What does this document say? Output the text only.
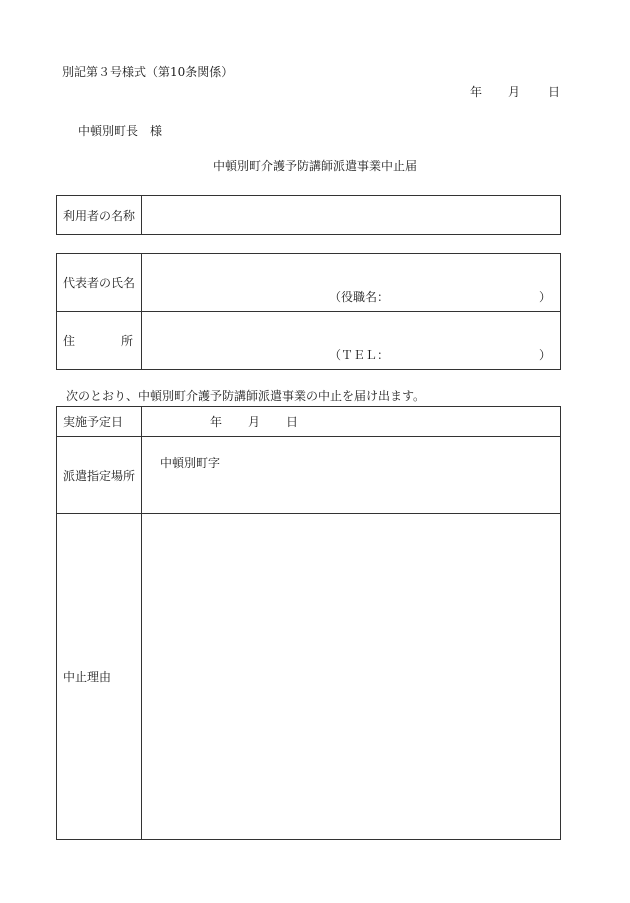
別記第３号様式（第10条関係）
年 月 日
中頓別町長　様
中頓別町介護予防講師派遣事業中止届
利用者の名称	
代表者の氏名	（役職名： ）

住 所	（ＴＥＬ： ）
次のとおり、中頓別町介護予防講師派遣事業の中止を届け出ます。
実施予定日	年 月 日

派遣指定場所	中頓別町字

中止理由	
